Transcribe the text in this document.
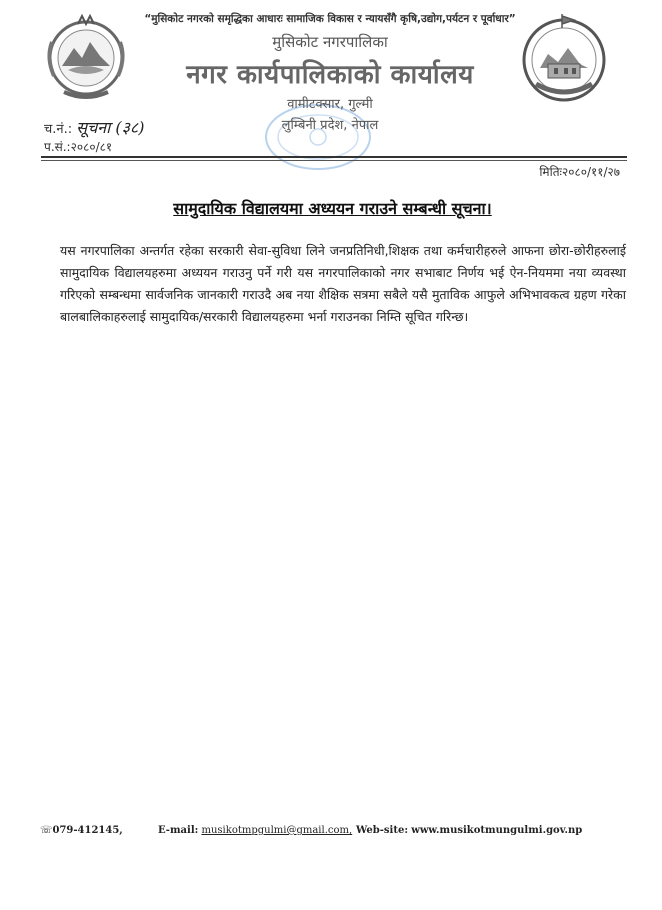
“मुसिकोट नगरको समृद्धिका आधारः सामाजिक विकास र न्यायसँगै कृषि,उद्योग,पर्यटन र पूर्वाधार”
मुसिकोट नगरपालिका
नगर कार्यपालिकाको कार्यालय
वामीटक्सार, गुल्मी
लुम्बिनी प्रदेश, नेपाल
च.नं.: सूचना (३८)
प.सं.:२०८०/८१
मितिः२०८०/११/२७
सामुदायिक विद्यालयमा अध्ययन गराउने सम्बन्धी सूचना।
यस नगरपालिका अन्तर्गत रहेका सरकारी सेवा-सुविधा लिने जनप्रतिनिधी,शिक्षक तथा कर्मचारीहरुले आफना छोरा-छोरीहरुलाई सामुदायिक विद्यालयहरुमा अध्ययन गराउनु पर्ने गरी यस नगरपालिकाको नगर सभाबाट निर्णय भई ऐन-नियममा नया व्यवस्था गरिएको सम्बन्धमा सार्वजनिक जानकारी गराउदै अब नया शैक्षिक सत्रमा सबैले यसै मुताविक आफुले अभिभावकत्व ग्रहण गरेका बालबालिकाहरुलाई सामुदायिक/सरकारी विद्यालयहरुमा भर्ना गराउनका निम्ति सूचित गरिन्छ।
☏079-412145,	E-mail: musikotmpgulmi@gmail.com, Web-site: www.musikotmungulmi.gov.np
